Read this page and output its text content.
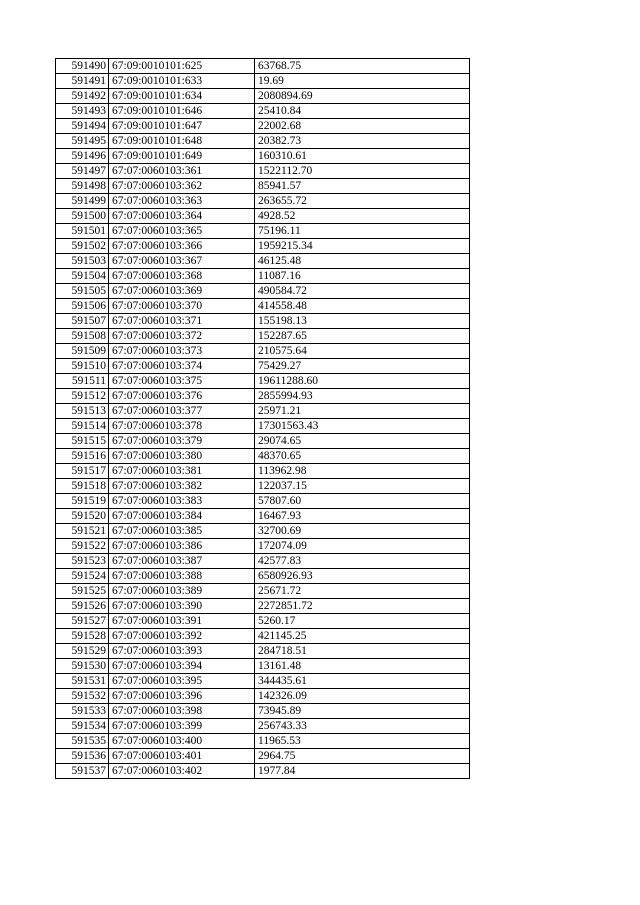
591490	67:09:0010101:625	63768.75
591491	67:09:0010101:633	19.69
591492	67:09:0010101:634	2080894.69
591493	67:09:0010101:646	25410.84
591494	67:09:0010101:647	22002.68
591495	67:09:0010101:648	20382.73
591496	67:09:0010101:649	160310.61
591497	67:07:0060103:361	1522112.70
591498	67:07:0060103:362	85941.57
591499	67:07:0060103:363	263655.72
591500	67:07:0060103:364	4928.52
591501	67:07:0060103:365	75196.11
591502	67:07:0060103:366	1959215.34
591503	67:07:0060103:367	46125.48
591504	67:07:0060103:368	11087.16
591505	67:07:0060103:369	490584.72
591506	67:07:0060103:370	414558.48
591507	67:07:0060103:371	155198.13
591508	67:07:0060103:372	152287.65
591509	67:07:0060103:373	210575.64
591510	67:07:0060103:374	75429.27
591511	67:07:0060103:375	19611288.60
591512	67:07:0060103:376	2855994.93
591513	67:07:0060103:377	25971.21
591514	67:07:0060103:378	17301563.43
591515	67:07:0060103:379	29074.65
591516	67:07:0060103:380	48370.65
591517	67:07:0060103:381	113962.98
591518	67:07:0060103:382	122037.15
591519	67:07:0060103:383	57807.60
591520	67:07:0060103:384	16467.93
591521	67:07:0060103:385	32700.69
591522	67:07:0060103:386	172074.09
591523	67:07:0060103:387	42577.83
591524	67:07:0060103:388	6580926.93
591525	67:07:0060103:389	25671.72
591526	67:07:0060103:390	2272851.72
591527	67:07:0060103:391	5260.17
591528	67:07:0060103:392	421145.25
591529	67:07:0060103:393	284718.51
591530	67:07:0060103:394	13161.48
591531	67:07:0060103:395	344435.61
591532	67:07:0060103:396	142326.09
591533	67:07:0060103:398	73945.89
591534	67:07:0060103:399	256743.33
591535	67:07:0060103:400	11965.53
591536	67:07:0060103:401	2964.75
591537	67:07:0060103:402	1977.84
